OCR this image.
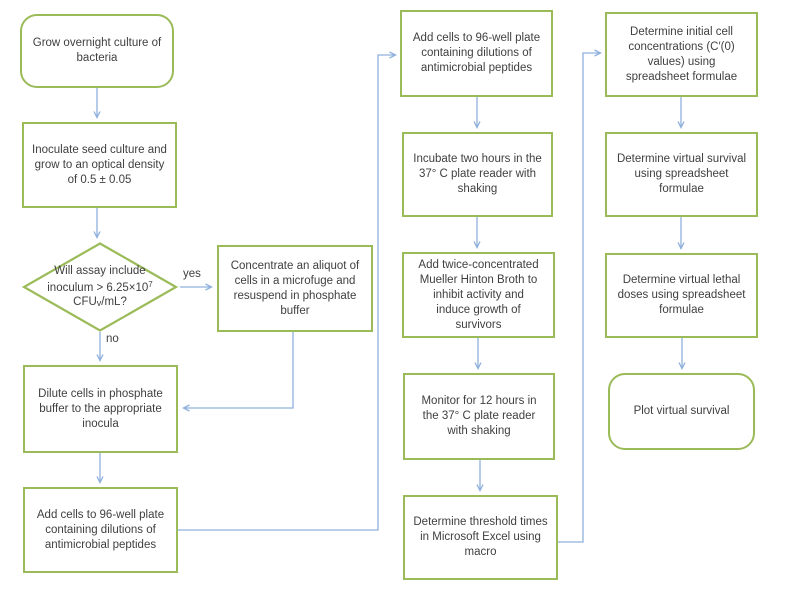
Grow overnight culture of bacteria
Inoculate seed culture and grow to an optical density of 0.5 ± 0.05
Will assay include
inoculum > $6.25\times 10^7$
CFUv/mL?
yes
no
Concentrate an aliquot of cells in a microfuge and resuspend in phosphate buffer
Dilute cells in phosphate buffer to the appropriate inocula
Add cells to 96-well plate containing dilutions of antimicrobial peptides
Add cells to 96-well plate containing dilutions of antimicrobial peptides
Incubate two hours in the 37° C plate reader with shaking
Add twice-concentrated Mueller Hinton Broth to inhibit activity and induce growth of survivors
Monitor for 12 hours in the 37° C plate reader with shaking
Determine threshold times in Microsoft Excel using macro
Determine initial cell concentrations (C′(0) values) using spreadsheet formulae
Determine virtual survival using spreadsheet formulae
Determine virtual lethal doses using spreadsheet formulae
Plot virtual survival
